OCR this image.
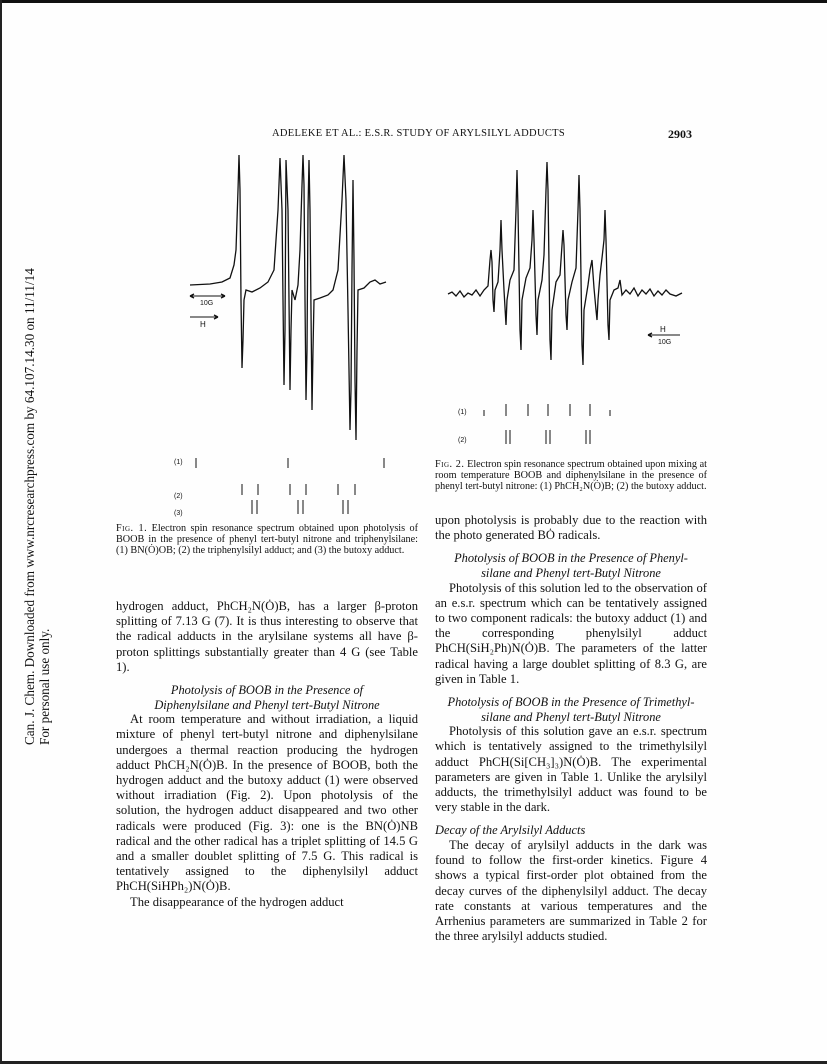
Can. J. Chem. Downloaded from www.nrcresearchpress.com by 64.107.14.30 on 11/11/14 For personal use only.
ADELEKE ET AL.: E.S.R. STUDY OF ARYLSILYL ADDUCTS	2903
10G
H
(1)
(2)
(3)
Fig. 1. Electron spin resonance spectrum obtained upon photolysis of BOOB in the presence of phenyl tert-butyl nitrone and triphenylsilane: (1) BN(Ȯ)OB; (2) the triphenylsilyl adduct; and (3) the butoxy adduct.
H
10G
(1)
(2)
Fig. 2. Electron spin resonance spectrum obtained upon mixing at room temperature BOOB and diphenylsilane in the presence of phenyl tert-butyl nitrone: (1) PhCH₂N(Ȯ)B; (2) the butoxy adduct.

hydrogen adduct, PhCH₂N(Ȯ)B, has a larger β-proton splitting of 7.13 G (7). It is thus interesting to observe that the radical adducts in the arylsilane systems all have β-proton splittings substantially greater than 4 G (see Table 1).

Photolysis of BOOB in the Presence of
Diphenylsilane and Phenyl tert-Butyl Nitrone

At room temperature and without irradiation, a liquid mixture of phenyl tert-butyl nitrone and diphenylsilane undergoes a thermal reaction producing the hydrogen adduct PhCH₂N(Ȯ)B. In the presence of BOOB, both the hydrogen adduct and the butoxy adduct (1) were observed without irradiation (Fig. 2). Upon photolysis of the solution, the hydrogen adduct disappeared and two other radicals were produced (Fig. 3): one is the BN(Ȯ)NB radical and the other radical has a triplet splitting of 14.5 G and a smaller doublet splitting of 7.5 G. This radical is tentatively assigned to the diphenylsilyl adduct PhCH(SiHPh₂)N(Ȯ)B.

The disappearance of the hydrogen adduct

upon photolysis is probably due to the reaction with the photo generated BȮ radicals.

Photolysis of BOOB in the Presence of Phenyl-
silane and Phenyl tert-Butyl Nitrone

Photolysis of this solution led to the observation of an e.s.r. spectrum which can be tentatively assigned to two component radicals: the butoxy adduct (1) and the corresponding phenylsilyl adduct PhCH(SiH₂Ph)N(Ȯ)B. The parameters of the latter radical having a large doublet splitting of 8.3 G, are given in Table 1.

Photolysis of BOOB in the Presence of Trimethyl-
silane and Phenyl tert-Butyl Nitrone

Photolysis of this solution gave an e.s.r. spectrum which is tentatively assigned to the trimethylsilyl adduct PhCH(Si[CH₃]₃)N(Ȯ)B. The experimental parameters are given in Table 1. Unlike the arylsilyl adducts, the trimethylsilyl adduct was found to be very stable in the dark.

Decay of the Arylsilyl Adducts

The decay of arylsilyl adducts in the dark was found to follow the first-order kinetics. Figure 4 shows a typical first-order plot obtained from the decay curves of the diphenylsilyl adduct. The decay rate constants at various temperatures and the Arrhenius parameters are summarized in Table 2 for the three arylsilyl adducts studied.
